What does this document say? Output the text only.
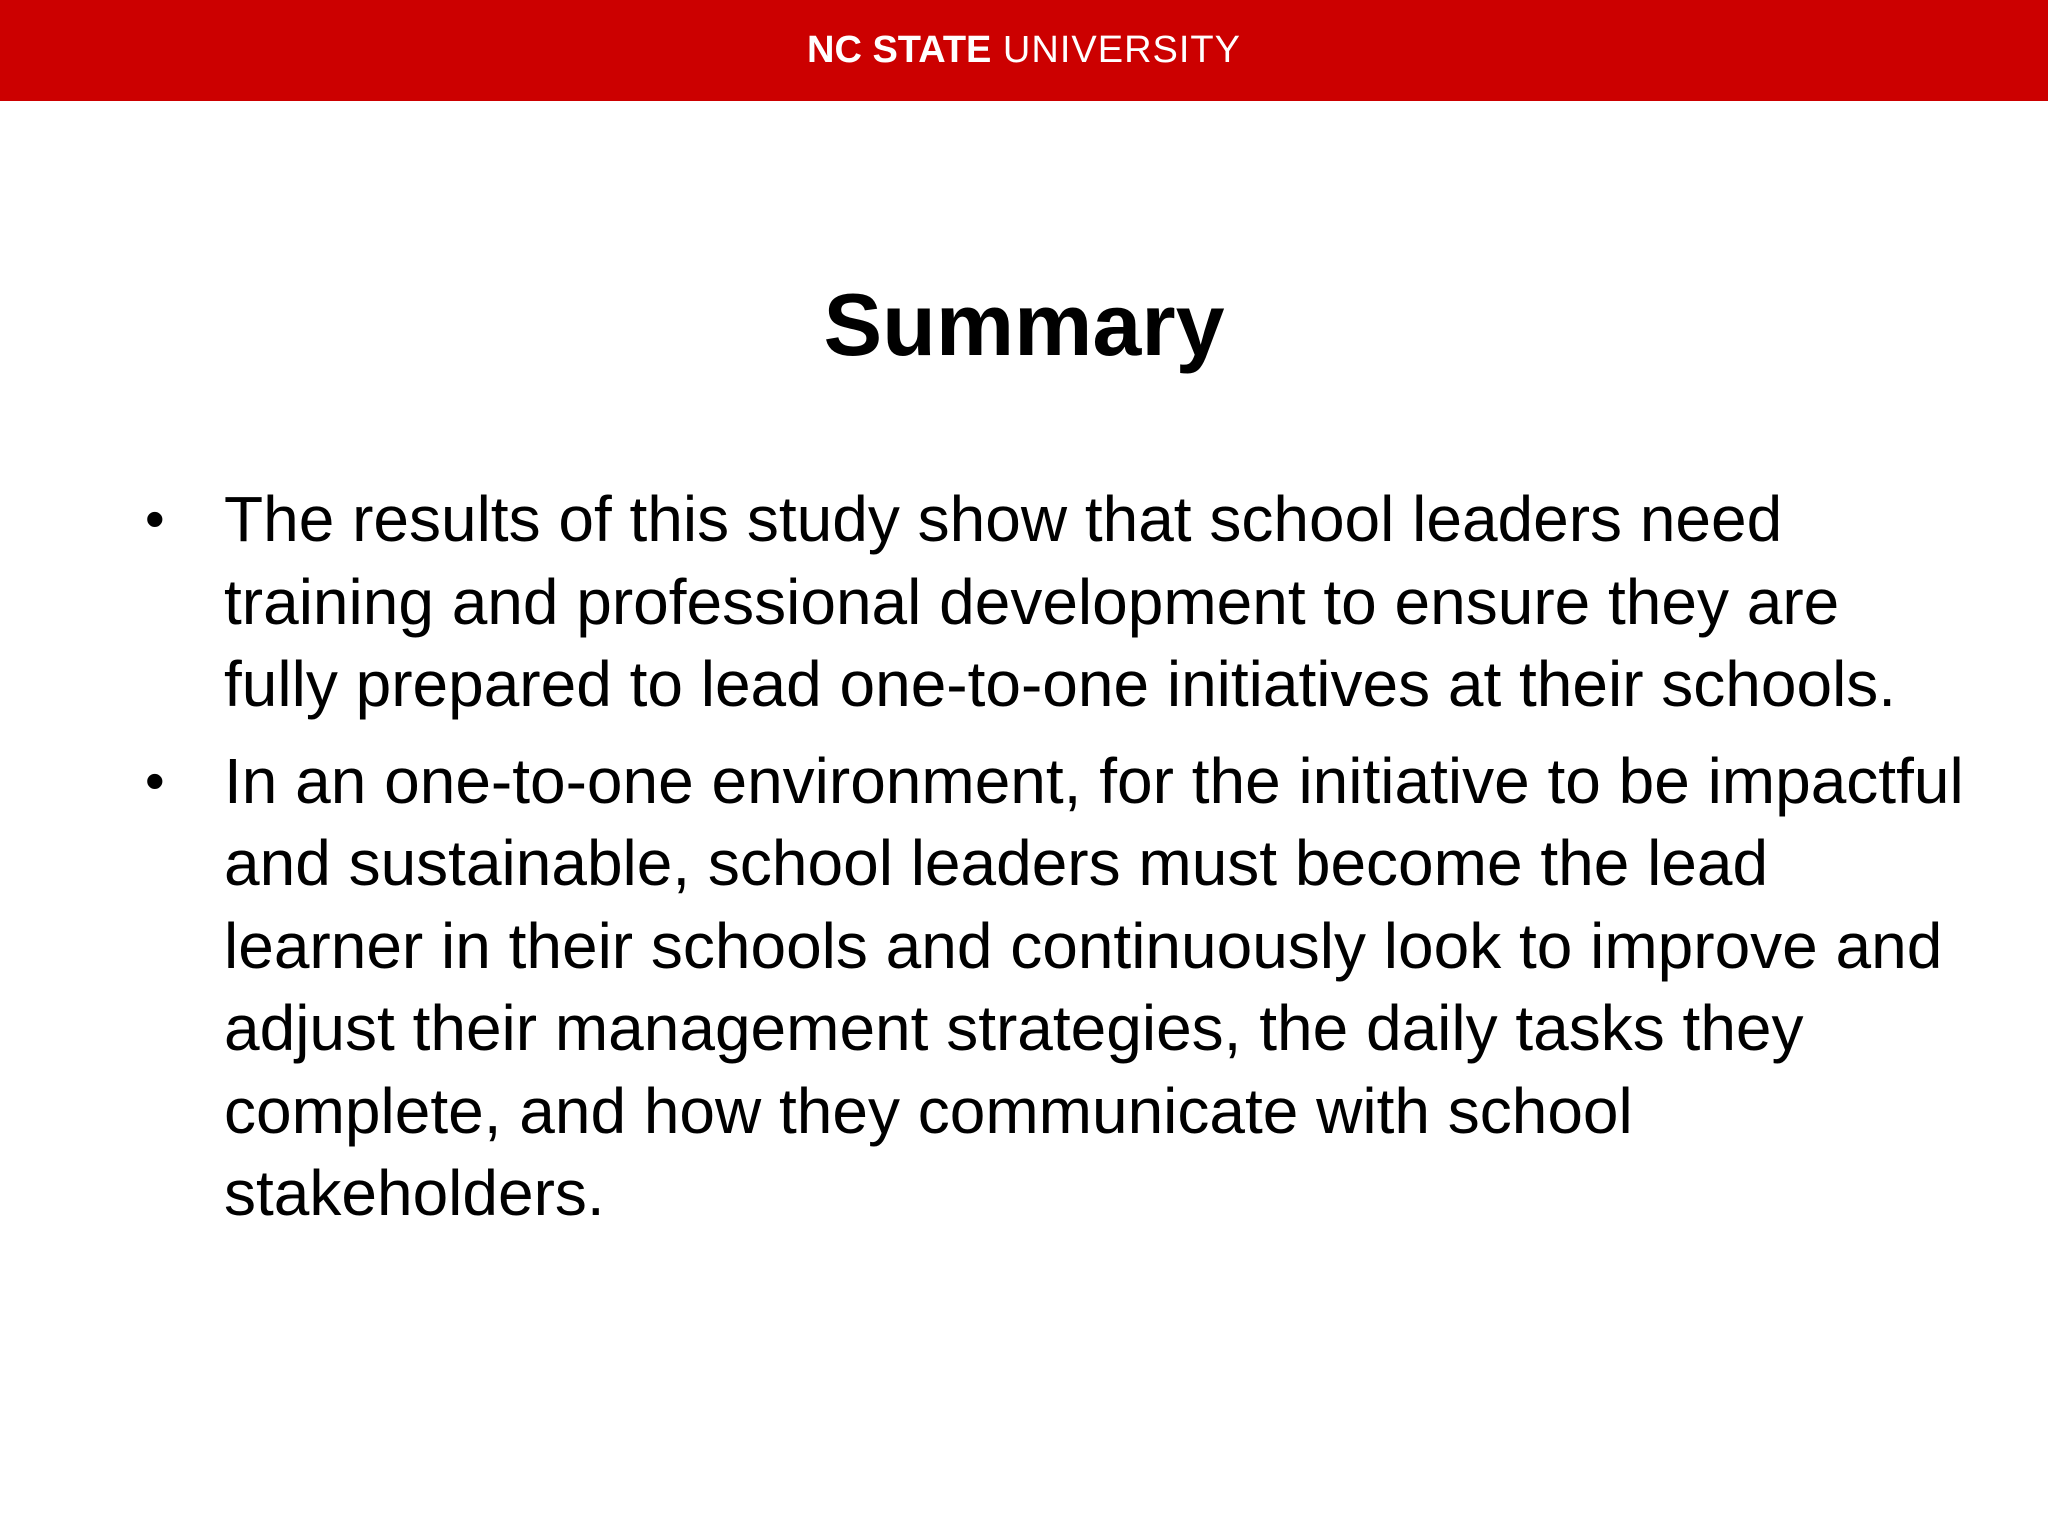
NC STATE UNIVERSITY
Summary
• The results of this study show that school leaders need training and professional development to ensure they are fully prepared to lead one-to-one initiatives at their schools.
• In an one-to-one environment, for the initiative to be impactful and sustainable, school leaders must become the lead learner in their schools and continuously look to improve and adjust their management strategies, the daily tasks they complete, and how they communicate with school stakeholders.
